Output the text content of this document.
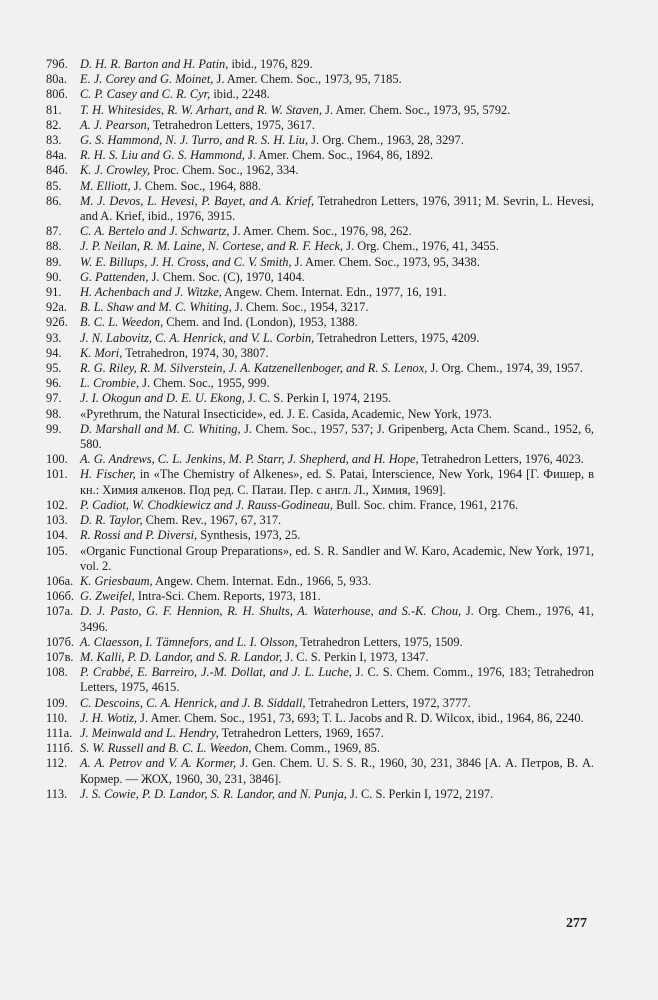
79б. D. H. R. Barton and H. Patin, ibid., 1976, 829.
80а.	E. J. Corey and G. Moinet, J. Amer. Chem. Soc., 1973, 95, 7185.
80б. C. P. Casey and C. R. Cyr, ibid., 2248.
81.	T. H. Whitesides, R. W. Arhart, and R. W. Staven, J. Amer. Chem. Soc., 1973, 95, 5792.
82.	A. J. Pearson, Tetrahedron Letters, 1975, 3617.
83.	G. S. Hammond, N. J. Turro, and R. S. H. Liu, J. Org. Chem., 1963, 28, 3297.
84а.	R. H. S. Liu and G. S. Hammond, J. Amer. Chem. Soc., 1964, 86, 1892.
84б. K. J. Crowley, Proc. Chem. Soc., 1962, 334.
85.	M. Elliott, J. Chem. Soc., 1964, 888.
86.	M. J. Devos, L. Hevesi, P. Bayet, and A. Krief, Tetrahedron Letters, 1976, 3911; M. Sevrin, L. Hevesi, and A. Krief, ibid., 1976, 3915.
87.	C. A. Bertelo and J. Schwartz, J. Amer. Chem. Soc., 1976, 98, 262.
88.	J. P. Neilan, R. M. Laine, N. Cortese, and R. F. Heck, J. Org. Chem., 1976, 41, 3455.
89.	W. E. Billups, J. H. Cross, and C. V. Smith, J. Amer. Chem. Soc., 1973, 95, 3438.
90.	G. Pattenden, J. Chem. Soc. (C), 1970, 1404.
91.	H. Achenbach and J. Witzke, Angew. Chem. Internat. Edn., 1977, 16, 191.
92а.	B. L. Shaw and M. C. Whiting, J. Chem. Soc., 1954, 3217.
92б. B. C. L. Weedon, Chem. and Ind. (London), 1953, 1388.
93.	J. N. Labovitz, C. A. Henrick, and V. L. Corbin, Tetrahedron Letters, 1975, 4209.
94.	K. Mori, Tetrahedron, 1974, 30, 3807.
95.	R. G. Riley, R. M. Silverstein, J. A. Katzenellenboger, and R. S. Lenox, J. Org. Chem., 1974, 39, 1957.
96.	L. Crombie, J. Chem. Soc., 1955, 999.
97.	J. I. Okogun and D. E. U. Ekong, J. C. S. Perkin I, 1974, 2195.
98.	«Pyrethrum, the Natural Insecticide», ed. J. E. Casida, Academic, New York, 1973.
99.	D. Marshall and M. C. Whiting, J. Chem. Soc., 1957, 537; J. Gripenberg, Acta Chem. Scand., 1952, 6, 580.
100. A. G. Andrews, C. L. Jenkins, M. P. Starr, J. Shepherd, and H. Hope, Tetrahedron Letters, 1976, 4023.
101. H. Fischer, in «The Chemistry of Alkenes», ed. S. Patai, Interscience, New York, 1964 [Г. Фишер, в кн.: Химия алкенов. Под ред. С. Патаи. Пер. с англ. Л., Химия, 1969].
102. P. Cadiot, W. Chodkiewicz and J. Rauss-Godineau, Bull. Soc. chim. France, 1961, 2176.
103. D. R. Taylor, Chem. Rev., 1967, 67, 317.
104. R. Rossi and P. Diversi, Synthesis, 1973, 25.
105. «Organic Functional Group Preparations», ed. S. R. Sandler and W. Karo, Academic, New York, 1971, vol. 2.
106а. K. Griesbaum, Angew. Chem. Internat. Edn., 1966, 5, 933.
106б. G. Zweifel, Intra-Sci. Chem. Reports, 1973, 181.
107а. D. J. Pasto, G. F. Hennion, R. H. Shults, A. Waterhouse, and S.-K. Chou, J. Org. Chem., 1976, 41, 3496.
107б. A. Claesson, I. Tämnefors, and L. I. Olsson, Tetrahedron Letters, 1975, 1509.
107в. M. Kalli, P. D. Landor, and S. R. Landor, J. C. S. Perkin I, 1973, 1347.
108. P. Crabbé, E. Barreiro, J.-M. Dollat, and J. L. Luche, J. C. S. Chem. Comm., 1976, 183; Tetrahedron Letters, 1975, 4615.
109. C. Descoins, C. A. Henrick, and J. B. Siddall, Tetrahedron Letters, 1972, 3777.
110.	J. H. Wotiz, J. Amer. Chem. Soc., 1951, 73, 693; T. L. Jacobs and R. D. Wilcox, ibid., 1964, 86, 2240.
111а. J. Meinwald and L. Hendry, Tetrahedron Letters, 1969, 1657.
111б. S. W. Russell and B. C. L. Weedon, Chem. Comm., 1969, 85.
112.	A. A. Petrov and V. A. Kormer, J. Gen. Chem. U. S. S. R., 1960, 30, 231, 3846 [А. А. Петров, В. А. Кормер. — ЖОХ, 1960, 30, 231, 3846].
113.	J. S. Cowie, P. D. Landor, S. R. Landor, and N. Punja, J. C. S. Perkin I, 1972, 2197.
277
